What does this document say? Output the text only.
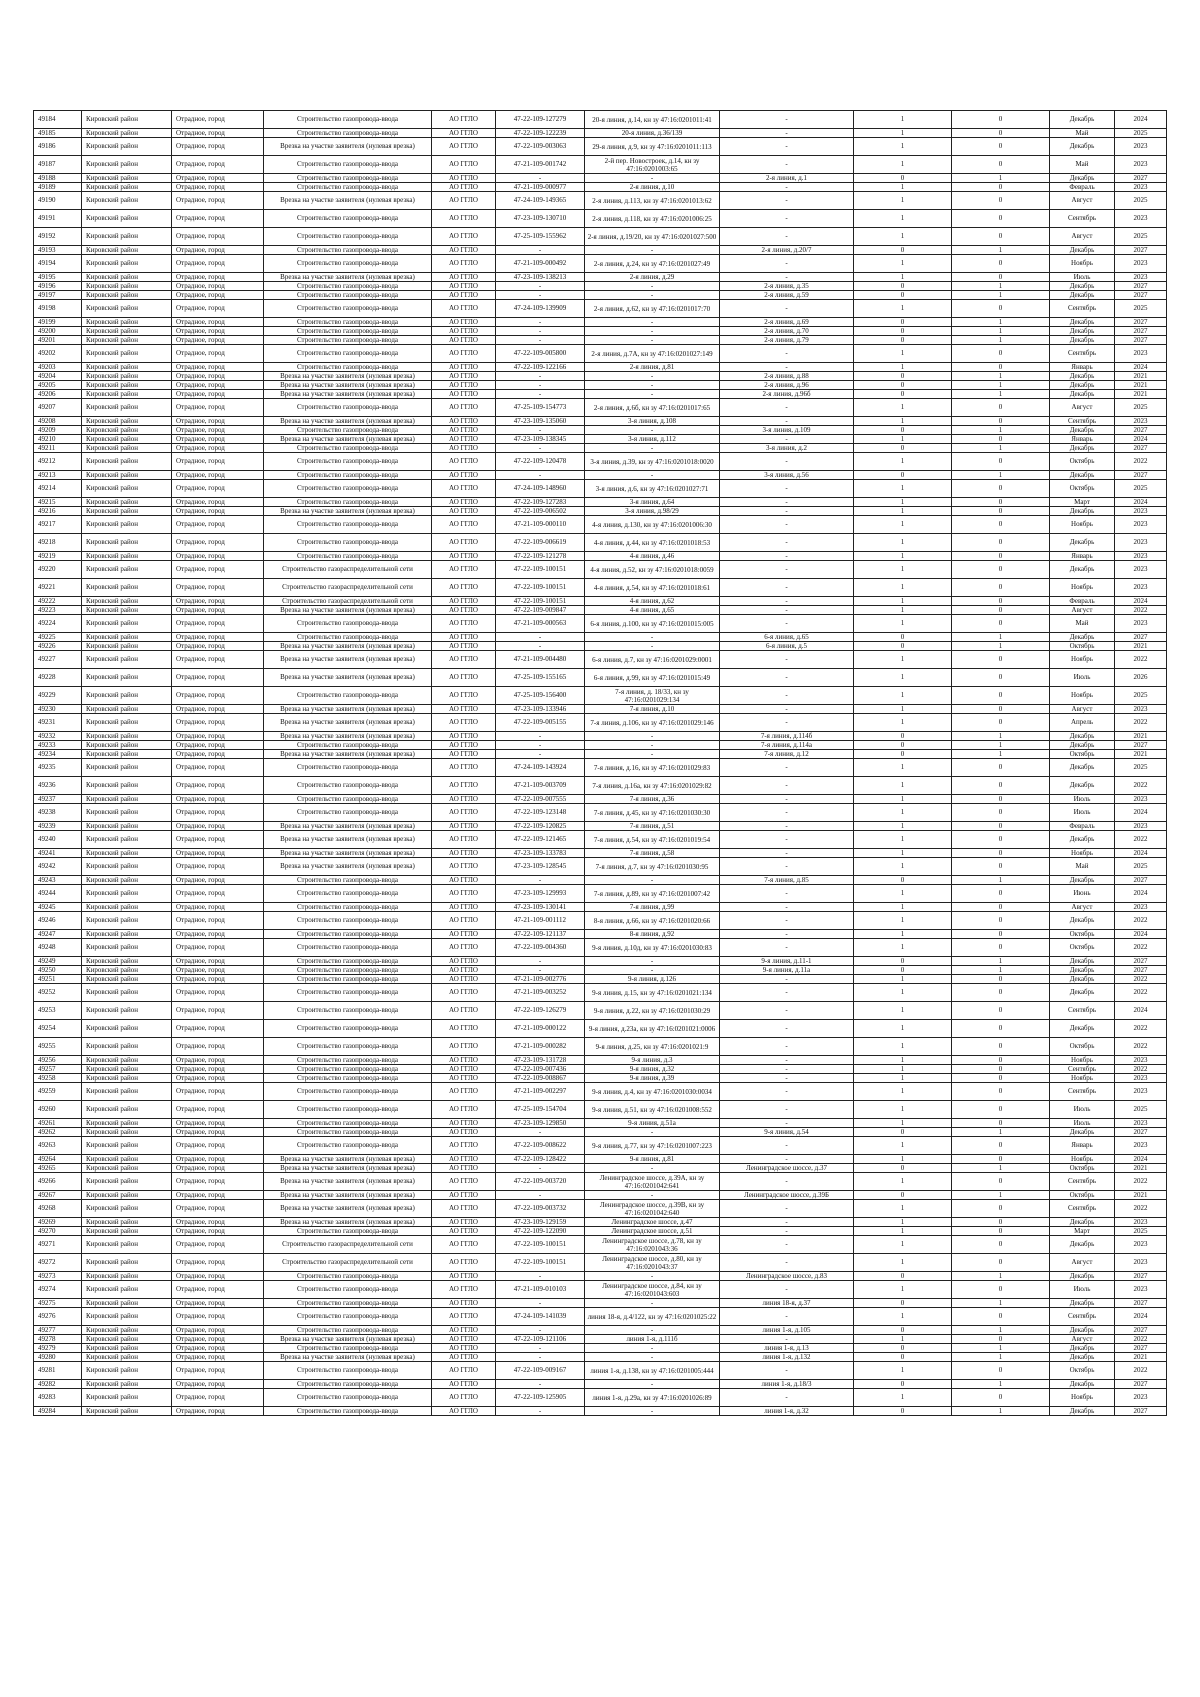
49184	Кировский район	Отрадное, город	Строительство газопровода-ввода	АО ГГЛО	47-22-109-127279	20-я линия, д.14, кн зу 47:16:0201011:41	-	1	0	Декабрь	2024
49185	Кировский район	Отрадное, город	Строительство газопровода-ввода	АО ГГЛО	47-22-109-122239	20-я линия, д.36/139	-	1	0	Май	2025
49186	Кировский район	Отрадное, город	Врезка на участке заявителя (нулевая врезка)	АО ГГЛО	47-22-109-003063	29-я линия, д.9, кн зу 47:16:0201011:113	-	1	0	Декабрь	2023
49187	Кировский район	Отрадное, город	Строительство газопровода-ввода	АО ГГЛО	47-21-109-001742	2-й пер. Новостроек, д.14, кн зу 47:16:0201003:65	-	1	0	Май	2023
49188	Кировский район	Отрадное, город	Строительство газопровода-ввода	АО ГГЛО	-	-	2-я линия, д.1	0	1	Декабрь	2027
49189	Кировский район	Отрадное, город	Строительство газопровода-ввода	АО ГГЛО	47-21-109-000977	2-я линия, д.10	-	1	0	Февраль	2023
49190	Кировский район	Отрадное, город	Врезка на участке заявителя (нулевая врезка)	АО ГГЛО	47-24-109-149365	2-я линия, д.113, кн зу 47:16:0201013:62	-	1	0	Август	2025
49191	Кировский район	Отрадное, город	Строительство газопровода-ввода	АО ГГЛО	47-23-109-130710	2-я линия, д.118, кн зу 47:16:0201006:25	-	1	0	Сентябрь	2023
49192	Кировский район	Отрадное, город	Строительство газопровода-ввода	АО ГГЛО	47-25-109-155962	2-я линия, д.19/20, кн зу 47:16:0201027:500	-	1	0	Август	2025
49193	Кировский район	Отрадное, город	Строительство газопровода-ввода	АО ГГЛО	-	-	2-я линия, д.20/7	0	1	Декабрь	2027
49194	Кировский район	Отрадное, город	Строительство газопровода-ввода	АО ГГЛО	47-21-109-000492	2-я линия, д.24, кн зу 47:16:0201027:49	-	1	0	Ноябрь	2023
49195	Кировский район	Отрадное, город	Врезка на участке заявителя (нулевая врезка)	АО ГГЛО	47-23-109-138213	2-я линия, д.29	-	1	0	Июль	2023
49196	Кировский район	Отрадное, город	Строительство газопровода-ввода	АО ГГЛО	-	-	2-я линия, д.35	0	1	Декабрь	2027
49197	Кировский район	Отрадное, город	Строительство газопровода-ввода	АО ГГЛО	-	-	2-я линия, д.59	0	1	Декабрь	2027
49198	Кировский район	Отрадное, город	Строительство газопровода-ввода	АО ГГЛО	47-24-109-139909	2-я линия, д.62, кн зу 47:16:0201017:70	-	1	0	Сентябрь	2025
49199	Кировский район	Отрадное, город	Строительство газопровода-ввода	АО ГГЛО	-	-	2-я линия, д.69	0	1	Декабрь	2027
49200	Кировский район	Отрадное, город	Строительство газопровода-ввода	АО ГГЛО	-	-	2-я линия, д.70	0	1	Декабрь	2027
49201	Кировский район	Отрадное, город	Строительство газопровода-ввода	АО ГГЛО	-	-	2-я линия, д.79	0	1	Декабрь	2027
49202	Кировский район	Отрадное, город	Строительство газопровода-ввода	АО ГГЛО	47-22-109-005800	2-я линия, д.7А, кн зу 47:16:0201027:149	-	1	0	Сентябрь	2023
49203	Кировский район	Отрадное, город	Строительство газопровода-ввода	АО ГГЛО	47-22-109-122166	2-я линия, д.81	-	1	0	Январь	2024
49204	Кировский район	Отрадное, город	Врезка на участке заявителя (нулевая врезка)	АО ГГЛО	-	-	2-я линия, д.88	0	1	Декабрь	2021
49205	Кировский район	Отрадное, город	Врезка на участке заявителя (нулевая врезка)	АО ГГЛО	-	-	2-я линия, д.96	0	1	Декабрь	2021
49206	Кировский район	Отрадное, город	Врезка на участке заявителя (нулевая врезка)	АО ГГЛО	-	-	2-я линия, д.96б	0	1	Декабрь	2021
49207	Кировский район	Отрадное, город	Строительство газопровода-ввода	АО ГГЛО	47-25-109-154773	2-я линия, д.6б, кн зу 47:16:0201017:65	-	1	0	Август	2025
49208	Кировский район	Отрадное, город	Врезка на участке заявителя (нулевая врезка)	АО ГГЛО	47-23-109-135060	3-я линия, д.108	-	1	0	Сентябрь	2023
49209	Кировский район	Отрадное, город	Строительство газопровода-ввода	АО ГГЛО	-	-	3-я линия, д.109	0	1	Декабрь	2027
49210	Кировский район	Отрадное, город	Врезка на участке заявителя (нулевая врезка)	АО ГГЛО	47-23-109-138345	3-я линия, д.112	-	1	0	Январь	2024
49211	Кировский район	Отрадное, город	Строительство газопровода-ввода	АО ГГЛО	-	-	3-я линия, д.2	0	1	Декабрь	2027
49212	Кировский район	Отрадное, город	Строительство газопровода-ввода	АО ГГЛО	47-22-109-120478	3-я линия, д.39, кн зу 47:16:0201018:0020	-	1	0	Октябрь	2022
49213	Кировский район	Отрадное, город	Строительство газопровода-ввода	АО ГГЛО	-	-	3-я линия, д.56	0	1	Декабрь	2027
49214	Кировский район	Отрадное, город	Строительство газопровода-ввода	АО ГГЛО	47-24-109-148960	3-я линия, д.6, кн зу 47:16:0201027:71	-	1	0	Октябрь	2025
49215	Кировский район	Отрадное, город	Строительство газопровода-ввода	АО ГГЛО	47-22-109-127283	3-я линия, д.64	-	1	0	Март	2024
49216	Кировский район	Отрадное, город	Врезка на участке заявителя (нулевая врезка)	АО ГГЛО	47-22-109-006502	3-я линия, д.98/29	-	1	0	Декабрь	2023
49217	Кировский район	Отрадное, город	Строительство газопровода-ввода	АО ГГЛО	47-21-109-000110	4-я линия, д.130, кн зу 47:16:0201006:30	-	1	0	Ноябрь	2023
49218	Кировский район	Отрадное, город	Строительство газопровода-ввода	АО ГГЛО	47-22-109-006619	4-я линия, д.44, кн зу 47:16:0201018:53	-	1	0	Декабрь	2023
49219	Кировский район	Отрадное, город	Строительство газопровода-ввода	АО ГГЛО	47-22-109-121278	4-я линия, д.46	-	1	0	Январь	2023
49220	Кировский район	Отрадное, город	Строительство газораспределительной сети	АО ГГЛО	47-22-109-100151	4-я линия, д.52, кн зу 47:16:0201018:0059	-	1	0	Декабрь	2023
49221	Кировский район	Отрадное, город	Строительство газораспределительной сети	АО ГГЛО	47-22-109-100151	4-я линия, д.54, кн зу 47:16:0201018:61	-	1	0	Ноябрь	2023
49222	Кировский район	Отрадное, город	Строительство газораспределительной сети	АО ГГЛО	47-22-109-100151	4-я линия, д.62	-	1	0	Февраль	2024
49223	Кировский район	Отрадное, город	Врезка на участке заявителя (нулевая врезка)	АО ГГЛО	47-22-109-009847	4-я линия, д.65	-	1	0	Август	2022
49224	Кировский район	Отрадное, город	Строительство газопровода-ввода	АО ГГЛО	47-21-109-000563	6-я линия, д.100, кн зу 47:16:0201015:005	-	1	0	Май	2023
49225	Кировский район	Отрадное, город	Строительство газопровода-ввода	АО ГГЛО	-	-	6-я линия, д.65	0	1	Декабрь	2027
49226	Кировский район	Отрадное, город	Врезка на участке заявителя (нулевая врезка)	АО ГГЛО	-	-	6-я линия, д.5	0	1	Октябрь	2021
49227	Кировский район	Отрадное, город	Врезка на участке заявителя (нулевая врезка)	АО ГГЛО	47-21-109-004480	6-я линия, д.7, кн зу 47:16:0201029:0001	-	1	0	Ноябрь	2022
49228	Кировский район	Отрадное, город	Врезка на участке заявителя (нулевая врезка)	АО ГГЛО	47-25-109-155165	6-я линия, д.99, кн зу 47:16:0201015:49	-	1	0	Июль	2026
49229	Кировский район	Отрадное, город	Строительство газопровода-ввода	АО ГГЛО	47-25-109-156400	7-я линия, д. 18/33, кн зу 47:16:0201029:134	-	1	0	Ноябрь	2025
49230	Кировский район	Отрадное, город	Врезка на участке заявителя (нулевая врезка)	АО ГГЛО	47-23-109-133946	7-я линия, д.10	-	1	0	Август	2023
49231	Кировский район	Отрадное, город	Врезка на участке заявителя (нулевая врезка)	АО ГГЛО	47-22-109-005155	7-я линия, д.106, кн зу 47:16:0201029:146	-	1	0	Апрель	2022
49232	Кировский район	Отрадное, город	Врезка на участке заявителя (нулевая врезка)	АО ГГЛО	-	-	7-я линия, д.114б	0	1	Декабрь	2021
49233	Кировский район	Отрадное, город	Строительство газопровода-ввода	АО ГГЛО	-	-	7-я линия, д.114а	0	1	Декабрь	2027
49234	Кировский район	Отрадное, город	Врезка на участке заявителя (нулевая врезка)	АО ГГЛО	-	-	7-я линия, д.12	0	1	Октябрь	2021
49235	Кировский район	Отрадное, город	Строительство газопровода-ввода	АО ГГЛО	47-24-109-143924	7-я линия, д.16, кн зу 47:16:0201029:83	-	1	0	Декабрь	2025
49236	Кировский район	Отрадное, город	Строительство газопровода-ввода	АО ГГЛО	47-21-109-003709	7-я линия, д.16а, кн зу 47:16:0201029:82	-	1	0	Декабрь	2022
49237	Кировский район	Отрадное, город	Строительство газопровода-ввода	АО ГГЛО	47-22-109-007555	7-я линия, д.36	-	1	0	Июль	2023
49238	Кировский район	Отрадное, город	Строительство газопровода-ввода	АО ГГЛО	47-22-109-123148	7-я линия, д.45, кн зу 47:16:0201030:30	-	1	0	Июль	2024
49239	Кировский район	Отрадное, город	Врезка на участке заявителя (нулевая врезка)	АО ГГЛО	47-22-109-120825	7-я линия, д.51	-	1	0	Февраль	2023
49240	Кировский район	Отрадное, город	Врезка на участке заявителя (нулевая врезка)	АО ГГЛО	47-22-109-121465	7-я линия, д.54, кн зу 47:16:0201019:54	-	1	0	Декабрь	2022
49241	Кировский район	Отрадное, город	Врезка на участке заявителя (нулевая врезка)	АО ГГЛО	47-23-109-133783	7-я линия, д.58	-	1	0	Ноябрь	2024
49242	Кировский район	Отрадное, город	Врезка на участке заявителя (нулевая врезка)	АО ГГЛО	47-23-109-128545	7-я линия, д.7, кн зу 47:16:0201030:95	-	1	0	Май	2025
49243	Кировский район	Отрадное, город	Строительство газопровода-ввода	АО ГГЛО	-	-	7-я линия, д.85	0	1	Декабрь	2027
49244	Кировский район	Отрадное, город	Строительство газопровода-ввода	АО ГГЛО	47-23-109-129993	7-я линия, д.89, кн зу 47:16:0201007:42	-	1	0	Июнь	2024
49245	Кировский район	Отрадное, город	Строительство газопровода-ввода	АО ГГЛО	47-23-109-130141	7-я линия, д.99	-	1	0	Август	2023
49246	Кировский район	Отрадное, город	Строительство газопровода-ввода	АО ГГЛО	47-21-109-001112	8-я линия, д.66, кн зу 47:16:0201020:66	-	1	0	Декабрь	2022
49247	Кировский район	Отрадное, город	Строительство газопровода-ввода	АО ГГЛО	47-22-109-121137	8-я линия, д.92	-	1	0	Октябрь	2024
49248	Кировский район	Отрадное, город	Строительство газопровода-ввода	АО ГГЛО	47-22-109-004360	9-я линия, д.10д, кн зу 47:16:0201030:83	-	1	0	Октябрь	2022
49249	Кировский район	Отрадное, город	Строительство газопровода-ввода	АО ГГЛО	-	-	9-я линия, д.11-1	0	1	Декабрь	2027
49250	Кировский район	Отрадное, город	Строительство газопровода-ввода	АО ГГЛО	-	-	9-я линия, д.11а	0	1	Декабрь	2027
49251	Кировский район	Отрадное, город	Строительство газопровода-ввода	АО ГГЛО	47-21-109-002776	9-я линия, д.126	-	1	0	Декабрь	2022
49252	Кировский район	Отрадное, город	Строительство газопровода-ввода	АО ГГЛО	47-21-109-003252	9-я линия, д.15, кн зу 47:16:0201021:134	-	1	0	Декабрь	2022
49253	Кировский район	Отрадное, город	Строительство газопровода-ввода	АО ГГЛО	47-22-109-126279	9-я линия, д.22, кн зу 47:16:0201030:29	-	1	0	Сентябрь	2024
49254	Кировский район	Отрадное, город	Строительство газопровода-ввода	АО ГГЛО	47-21-109-000122	9-я линия, д.23а, кн зу 47:16:0201021:0006	-	1	0	Декабрь	2022
49255	Кировский район	Отрадное, город	Строительство газопровода-ввода	АО ГГЛО	47-21-109-000282	9-я линия, д.25, кн зу 47:16:0201021:9	-	1	0	Октябрь	2022
49256	Кировский район	Отрадное, город	Строительство газопровода-ввода	АО ГГЛО	47-23-109-131728	9-я линия, д.3	-	1	0	Ноябрь	2023
49257	Кировский район	Отрадное, город	Строительство газопровода-ввода	АО ГГЛО	47-22-109-007436	9-я линия, д.32	-	1	0	Сентябрь	2022
49258	Кировский район	Отрадное, город	Строительство газопровода-ввода	АО ГГЛО	47-22-109-008867	9-я линия, д.39	-	1	0	Ноябрь	2023
49259	Кировский район	Отрадное, город	Строительство газопровода-ввода	АО ГГЛО	47-21-109-002297	9-я линия, д.4, кн зу 47:16:0201030:0034	-	1	0	Сентябрь	2023
49260	Кировский район	Отрадное, город	Строительство газопровода-ввода	АО ГГЛО	47-25-109-154704	9-я линия, д.51, кн зу 47:16:0201008:552	-	1	0	Июль	2025
49261	Кировский район	Отрадное, город	Строительство газопровода-ввода	АО ГГЛО	47-23-109-129850	9-я линия, д.51а	-	1	0	Июль	2023
49262	Кировский район	Отрадное, город	Строительство газопровода-ввода	АО ГГЛО	-	-	9-я линия, д.54	0	1	Декабрь	2027
49263	Кировский район	Отрадное, город	Строительство газопровода-ввода	АО ГГЛО	47-22-109-008622	9-я линия, д.77, кн зу 47:16:0201007:223	-	1	0	Январь	2023
49264	Кировский район	Отрадное, город	Врезка на участке заявителя (нулевая врезка)	АО ГГЛО	47-22-109-128422	9-я линия, д.81	-	1	0	Ноябрь	2024
49265	Кировский район	Отрадное, город	Врезка на участке заявителя (нулевая врезка)	АО ГГЛО	-	-	Ленинградское шоссе, д.37	0	1	Октябрь	2021
49266	Кировский район	Отрадное, город	Врезка на участке заявителя (нулевая врезка)	АО ГГЛО	47-22-109-003720	Ленинградское шоссе, д.39А, кн зу 47:16:0201042:641	-	1	0	Сентябрь	2022
49267	Кировский район	Отрадное, город	Врезка на участке заявителя (нулевая врезка)	АО ГГЛО	-	-	Ленинградское шоссе, д.39Б	0	1	Октябрь	2021
49268	Кировский район	Отрадное, город	Врезка на участке заявителя (нулевая врезка)	АО ГГЛО	47-22-109-003732	Ленинградское шоссе, д.39В, кн зу 47:16:0201042:640	-	1	0	Сентябрь	2022
49269	Кировский район	Отрадное, город	Врезка на участке заявителя (нулевая врезка)	АО ГГЛО	47-23-109-129159	Ленинградское шоссе, д.47	-	1	0	Декабрь	2023
49270	Кировский район	Отрадное, город	Строительство газопровода-ввода	АО ГГЛО	47-22-109-122090	Ленинградское шоссе, д.51	-	1	0	Март	2025
49271	Кировский район	Отрадное, город	Строительство газораспределительной сети	АО ГГЛО	47-22-109-100151	Ленинградское шоссе, д.78, кн зу 47:16:0201043:36	-	1	0	Декабрь	2023
49272	Кировский район	Отрадное, город	Строительство газораспределительной сети	АО ГГЛО	47-22-109-100151	Ленинградское шоссе, д.80, кн зу 47:16:0201043:37	-	1	0	Август	2023
49273	Кировский район	Отрадное, город	Строительство газопровода-ввода	АО ГГЛО	-	-	Ленинградское шоссе, д.83	0	1	Декабрь	2027
49274	Кировский район	Отрадное, город	Строительство газопровода-ввода	АО ГГЛО	47-21-109-010103	Ленинградское шоссе, д.84, кн зу 47:16:0201043:603	-	1	0	Июль	2023
49275	Кировский район	Отрадное, город	Строительство газопровода-ввода	АО ГГЛО	-	-	линия 18-я, д.37	0	1	Декабрь	2027
49276	Кировский район	Отрадное, город	Строительство газопровода-ввода	АО ГГЛО	47-24-109-141039	линия 18-я, д.4/122, кн зу 47:16:0201025:22	-	1	0	Сентябрь	2024
49277	Кировский район	Отрадное, город	Строительство газопровода-ввода	АО ГГЛО	-	-	линия 1-я, д.105	0	1	Декабрь	2027
49278	Кировский район	Отрадное, город	Врезка на участке заявителя (нулевая врезка)	АО ГГЛО	47-22-109-121106	линия 1-я, д.111б	-	1	0	Август	2022
49279	Кировский район	Отрадное, город	Строительство газопровода-ввода	АО ГГЛО	-	-	линия 1-я, д.13	0	1	Декабрь	2027
49280	Кировский район	Отрадное, город	Врезка на участке заявителя (нулевая врезка)	АО ГГЛО	-	-	линия 1-я, д.132	0	1	Декабрь	2021
49281	Кировский район	Отрадное, город	Строительство газопровода-ввода	АО ГГЛО	47-22-109-009167	линия 1-я, д.138, кн зу 47:16:0201005:444	-	1	0	Октябрь	2022
49282	Кировский район	Отрадное, город	Строительство газопровода-ввода	АО ГГЛО	-	-	линия 1-я, д.18/3	0	1	Декабрь	2027
49283	Кировский район	Отрадное, город	Строительство газопровода-ввода	АО ГГЛО	47-22-109-125905	линия 1-я, д.29а, кн зу 47:16:0201026:89	-	1	0	Ноябрь	2023
49284	Кировский район	Отрадное, город	Строительство газопровода-ввода	АО ГГЛО	-	-	линия 1-я, д.32	0	1	Декабрь	2027
